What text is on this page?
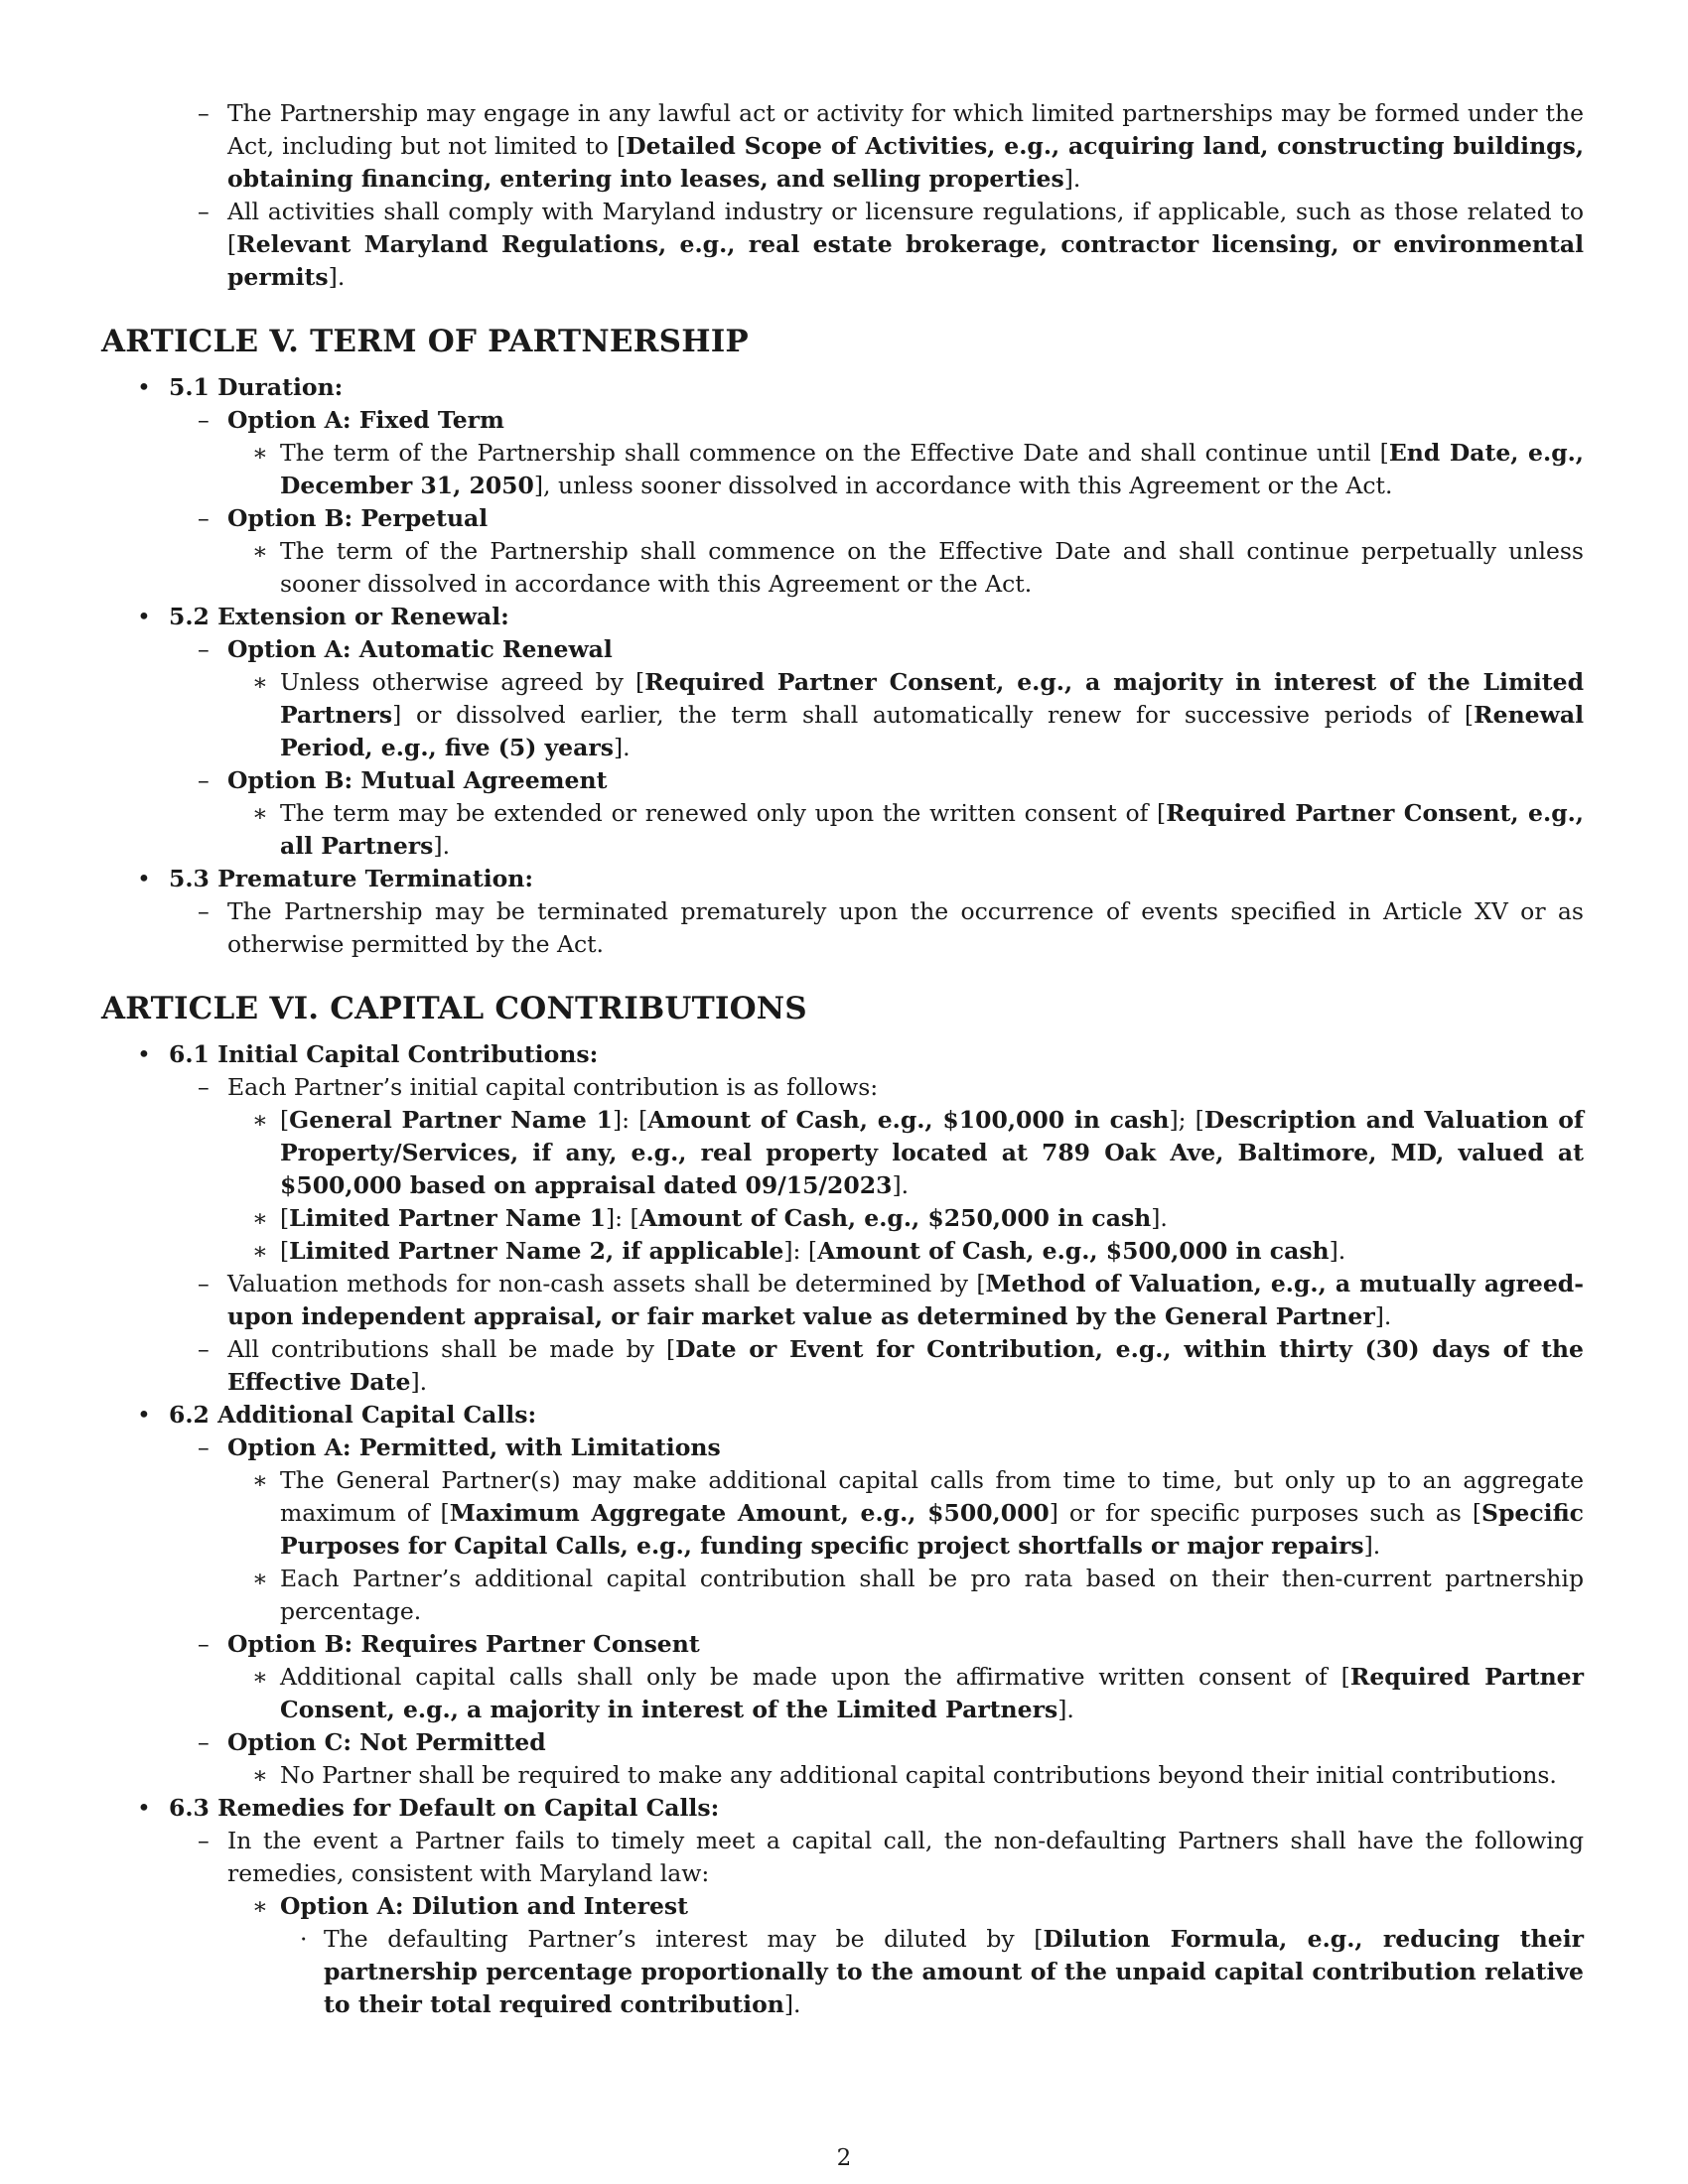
– The Partnership may engage in any lawful act or activity for which limited partnerships may be formed under the Act, including but not limited to [Detailed Scope of Activities, e.g., acquiring land, constructing buildings, obtaining financing, entering into leases, and selling properties].
– All activities shall comply with Maryland industry or licensure regulations, if applicable, such as those related to [Relevant Maryland Regulations, e.g., real estate brokerage, contractor licensing, or environmental permits].
ARTICLE V. TERM OF PARTNERSHIP
• 5.1 Duration:
– Option A: Fixed Term
∗ The term of the Partnership shall commence on the Effective Date and shall continue until [End Date, e.g., December 31, 2050], unless sooner dissolved in accordance with this Agreement or the Act.
– Option B: Perpetual
∗ The term of the Partnership shall commence on the Effective Date and shall continue perpetually unless sooner dissolved in accordance with this Agreement or the Act.
• 5.2 Extension or Renewal:
– Option A: Automatic Renewal
∗ Unless otherwise agreed by [Required Partner Consent, e.g., a majority in interest of the Limited Partners] or dissolved earlier, the term shall automatically renew for successive periods of [Renewal Period, e.g., five (5) years].
– Option B: Mutual Agreement
∗ The term may be extended or renewed only upon the written consent of [Required Partner Consent, e.g., all Partners].
• 5.3 Premature Termination:
– The Partnership may be terminated prematurely upon the occurrence of events specified in Article XV or as otherwise permitted by the Act.
ARTICLE VI. CAPITAL CONTRIBUTIONS
• 6.1 Initial Capital Contributions:
– Each Partner’s initial capital contribution is as follows:
∗ [General Partner Name 1]: [Amount of Cash, e.g., $100,000 in cash]; [Description and Valuation of Property/Services, if any, e.g., real property located at 789 Oak Ave, Baltimore, MD, valued at $500,000 based on appraisal dated 09/15/2023].
∗ [Limited Partner Name 1]: [Amount of Cash, e.g., $250,000 in cash].
∗ [Limited Partner Name 2, if applicable]: [Amount of Cash, e.g., $500,000 in cash].
– Valuation methods for non-cash assets shall be determined by [Method of Valuation, e.g., a mutually agreed-upon independent appraisal, or fair market value as determined by the General Partner].
– All contributions shall be made by [Date or Event for Contribution, e.g., within thirty (30) days of the Effective Date].
• 6.2 Additional Capital Calls:
– Option A: Permitted, with Limitations
∗ The General Partner(s) may make additional capital calls from time to time, but only up to an aggregate maximum of [Maximum Aggregate Amount, e.g., $500,000] or for specific purposes such as [Specific Purposes for Capital Calls, e.g., funding specific project shortfalls or major repairs].
∗ Each Partner’s additional capital contribution shall be pro rata based on their then-current partnership percentage.
– Option B: Requires Partner Consent
∗ Additional capital calls shall only be made upon the affirmative written consent of [Required Partner Consent, e.g., a majority in interest of the Limited Partners].
– Option C: Not Permitted
∗ No Partner shall be required to make any additional capital contributions beyond their initial contributions.
• 6.3 Remedies for Default on Capital Calls:
– In the event a Partner fails to timely meet a capital call, the non-defaulting Partners shall have the following remedies, consistent with Maryland law:
∗ Option A: Dilution and Interest
· The defaulting Partner’s interest may be diluted by [Dilution Formula, e.g., reducing their partnership percentage proportionally to the amount of the unpaid capital contribution relative to their total required contribution].
2
